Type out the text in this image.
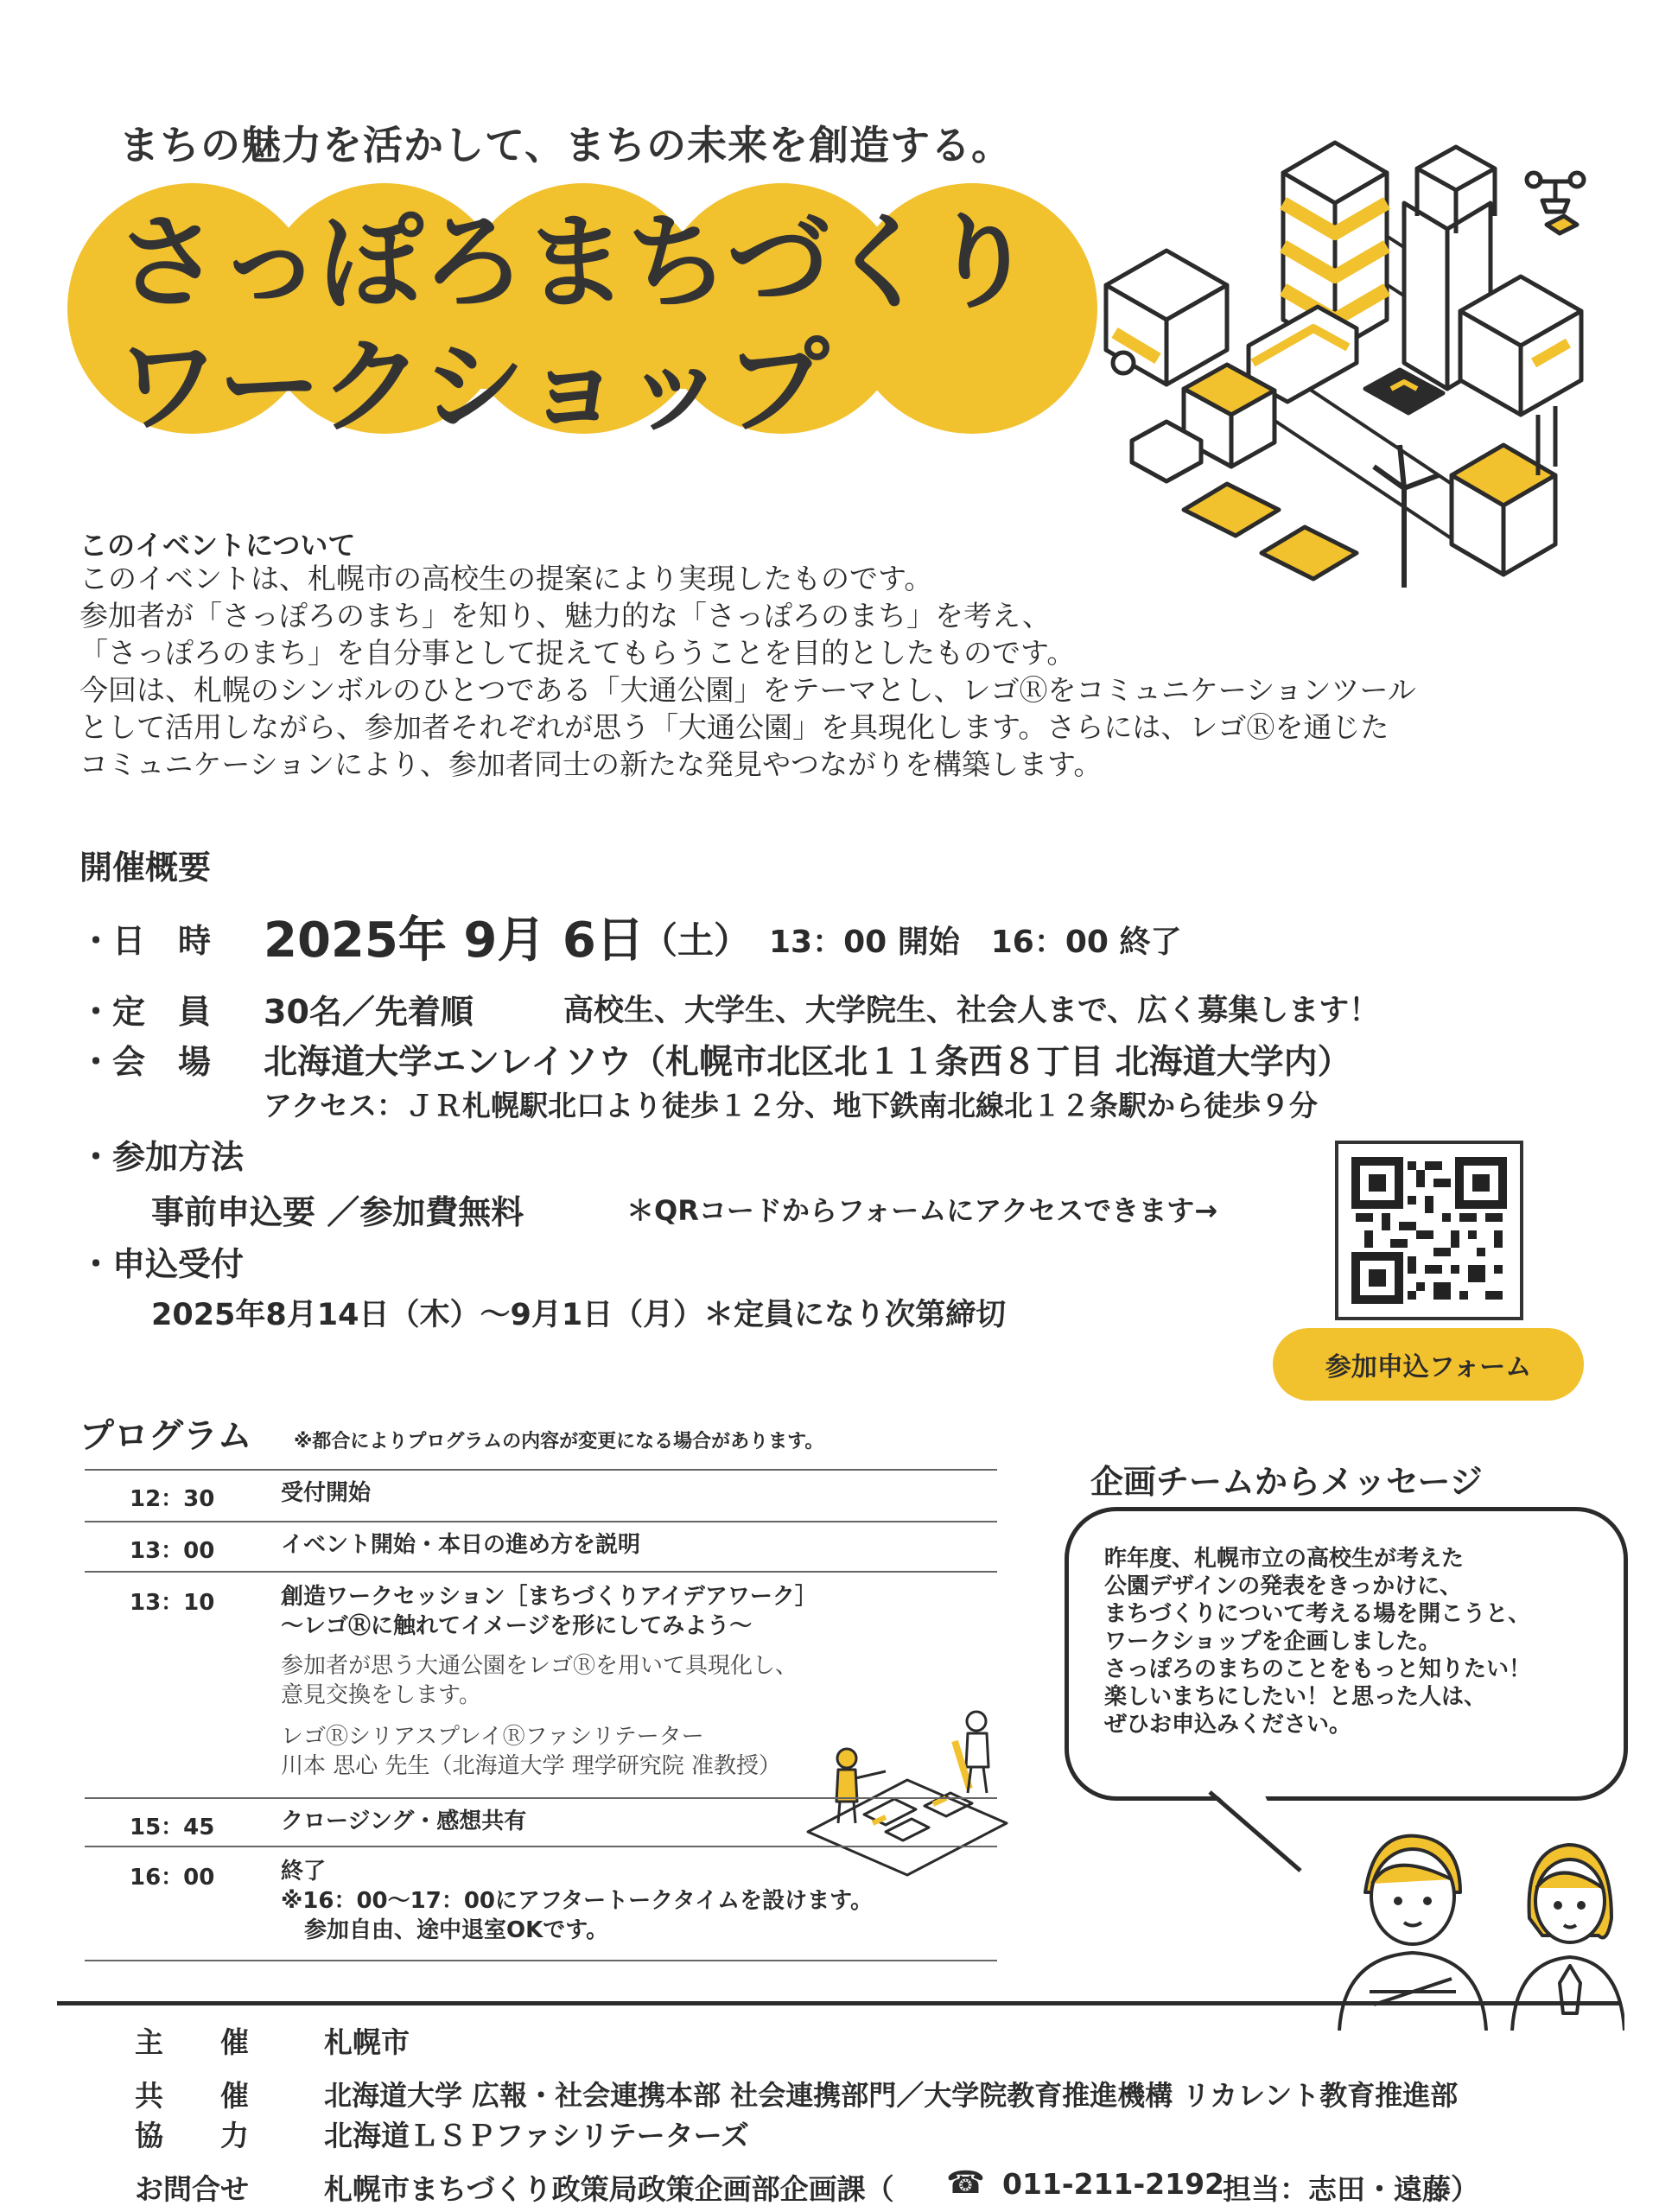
まちの魅力を活かして、まちの未来を創造する。
さっぽろまちづくり
ワークショップ
このイベントについて
このイベントは、札幌市の高校生の提案により実現したものです。
参加者が「さっぽろのまち」を知り、魅力的な「さっぽろのまち」を考え、
「さっぽろのまち」を自分事として捉えてもらうことを目的としたものです。
今回は、札幌のシンボルのひとつである「大通公園」をテーマとし、レゴⓇをコミュニケーションツール
として活用しながら、参加者それぞれが思う「大通公園」を具現化します。さらには、レゴⓇを通じた
コミュニケーションにより、参加者同士の新たな発見やつながりを構築します。
開催概要
・日　時 2025年 9月 6日
（土） 13：00 開始　16：00 終了
・定　員 30名／先着順	高校生、大学生、大学院生、社会人まで、広く募集します！
・会　場 北海道大学エンレイソウ（札幌市北区北１１条西８丁目 北海道大学内）
アクセス：ＪＲ札幌駅北口より徒歩１２分、地下鉄南北線北１２条駅から徒歩９分
・参加方法
事前申込要 ／参加費無料	＊QRコードからフォームにアクセスできます→
・申込受付
2025年8月14日（木）～9月1日（月）＊定員になり次第締切
参加申込フォーム
プログラム ※都合によりプログラムの内容が変更になる場合があります。
12：30	受付開始
13：00	イベント開始・本日の進め方を説明
13：10	創造ワークセッション［まちづくりアイデアワーク］
～レゴⓇに触れてイメージを形にしてみよう～
参加者が思う大通公園をレゴⓇを用いて具現化し、
意見交換をします。
レゴⓇシリアスプレイⓇファシリテーター
川本 思心 先生（北海道大学 理学研究院 准教授）
15：45	クロージング・感想共有
16：00	終了
※16：00～17：00にアフタートークタイムを設けます。
参加自由、途中退室OKです。
企画チームからメッセージ
昨年度、札幌市立の高校生が考えた
公園デザインの発表をきっかけに、
まちづくりについて考える場を開こうと、
ワークショップを企画しました。
さっぽろのまちのことをもっと知りたい！
楽しいまちにしたい！と思った人は、
ぜひお申込みください。
主　　催	札幌市
共　　催	北海道大学 広報・社会連携本部 社会連携部門／大学院教育推進機構 リカレント教育推進部
協　　力	北海道ＬＳＰファシリテーターズ
お問合せ	札幌市まちづくり政策局政策企画部企画課（ ☎ 011-211-2192
担当：志田・遠藤）
